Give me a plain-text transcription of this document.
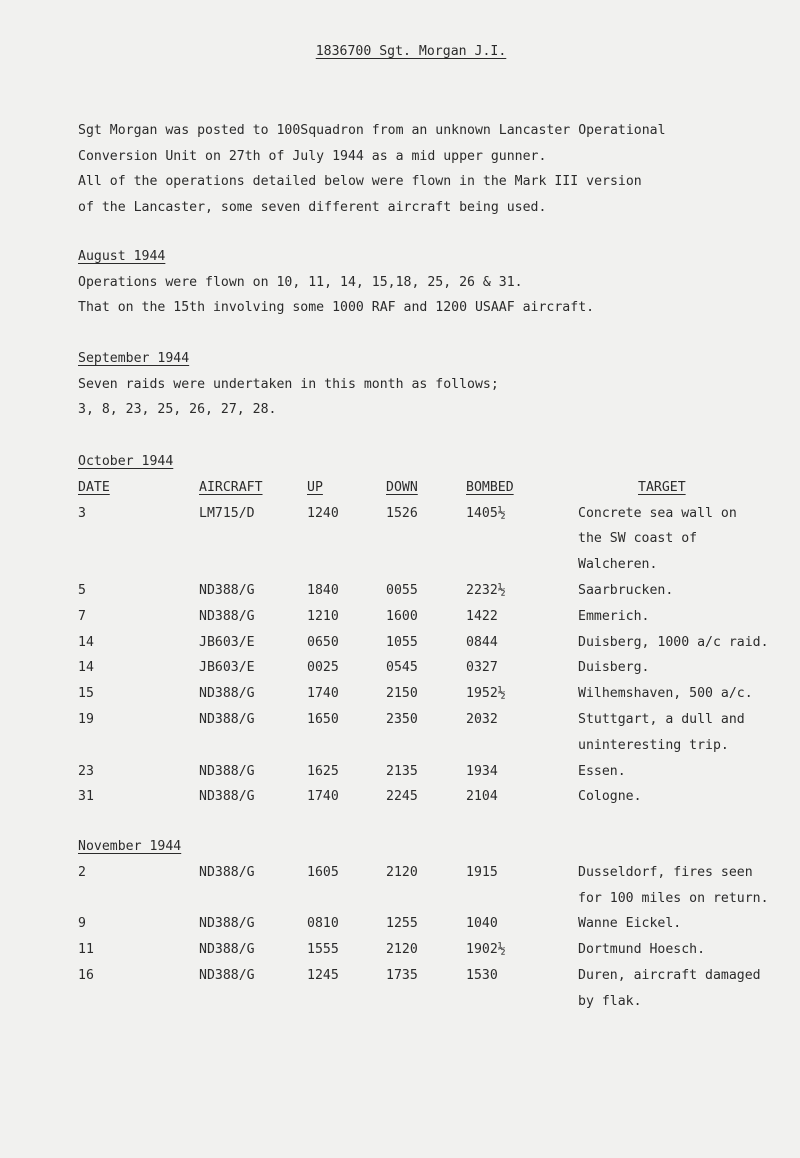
1836700 Sgt. Morgan J.I.
Sgt Morgan was posted to 100Squadron from an unknown Lancaster Operational
Conversion Unit on 27th of July 1944 as a mid upper gunner.
All of the operations detailed below were flown in the Mark III version
of the Lancaster, some seven different aircraft being used.
August 1944
Operations were flown on 10, 11, 14, 15,18, 25, 26 & 31.
That on the 15th involving some 1000 RAF and 1200 USAAF aircraft.
September 1944
Seven raids were undertaken in this month as follows;
3, 8, 23, 25, 26, 27, 28.
October 1944
DATE	AIRCRAFT	UP	DOWN	BOMBED	TARGET
3	LM715/D	1240	1526	1405½	Concrete sea wall on
the SW coast of
Walcheren.
5	ND388/G	1840	0055	2232½	Saarbrucken.
7	ND388/G	1210	1600	1422	Emmerich.
14	JB603/E	0650	1055	0844	Duisberg, 1000 a/c raid.
14	JB603/E	0025	0545	0327	Duisberg.
15	ND388/G	1740	2150	1952½	Wilhemshaven, 500 a/c.
19	ND388/G	1650	2350	2032	Stuttgart, a dull and
uninteresting trip.
23	ND388/G	1625	2135	1934	Essen.
31	ND388/G	1740	2245	2104	Cologne.
November 1944
2	ND388/G	1605	2120	1915	Dusseldorf, fires seen
for 100 miles on return.
9	ND388/G	0810	1255	1040	Wanne Eickel.
11	ND388/G	1555	2120	1902½	Dortmund Hoesch.
16	ND388/G	1245	1735	1530	Duren, aircraft damaged
by flak.
